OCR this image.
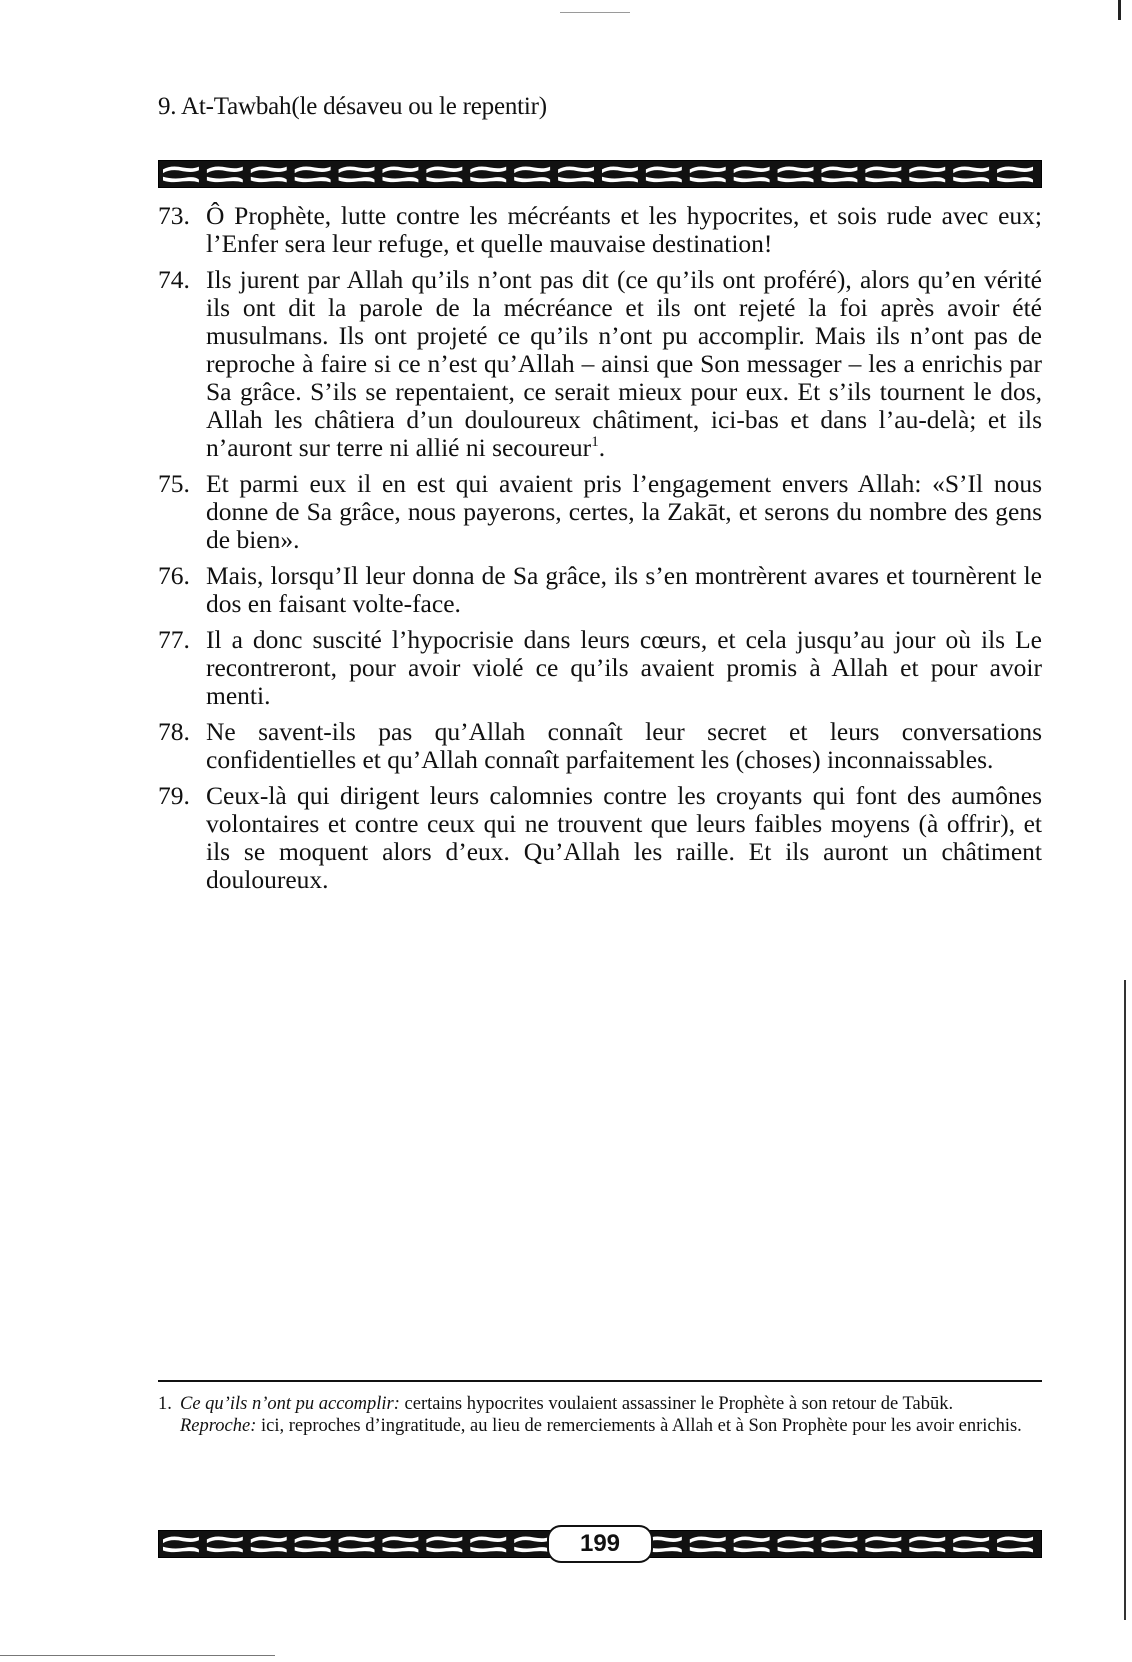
9. At-Tawbah(le désaveu ou le repentir)
73. Ô Prophète, lutte contre les mécréants et les hypocrites, et sois rude avec eux; l’Enfer sera leur refuge, et quelle mauvaise destination!
74. Ils jurent par Allah qu’ils n’ont pas dit (ce qu’ils ont proféré), alors qu’en vérité ils ont dit la parole de la mécréance et ils ont rejeté la foi après avoir été musulmans. Ils ont projeté ce qu’ils n’ont pu accomplir. Mais ils n’ont pas de reproche à faire si ce n’est qu’Allah – ainsi que Son messager – les a enrichis par Sa grâce. S’ils se repentaient, ce serait mieux pour eux. Et s’ils tournent le dos, Allah les châtiera d’un douloureux châtiment, ici-bas et dans l’au-delà; et ils n’auront sur terre ni allié ni secoureur$^1$.
75. Et parmi eux il en est qui avaient pris l’engagement envers Allah: «S’Il nous donne de Sa grâce, nous payerons, certes, la Zakāt, et serons du nombre des gens de bien».
76. Mais, lorsqu’Il leur donna de Sa grâce, ils s’en montrèrent avares et tournèrent le dos en faisant volte-face.
77. Il a donc suscité l’hypocrisie dans leurs cœurs, et cela jusqu’au jour où ils Le recontreront, pour avoir violé ce qu’ils avaient promis à Allah et pour avoir menti.
78. Ne savent-ils pas qu’Allah connaît leur secret et leurs conversations confidentielles et qu’Allah connaît parfaitement les (choses) inconnaissables.
79. Ceux-là qui dirigent leurs calomnies contre les croyants qui font des aumônes volontaires et contre ceux qui ne trouvent que leurs faibles moyens (à offrir), et ils se moquent alors d’eux. Qu’Allah les raille. Et ils auront un châtiment douloureux.
1. Ce qu’ils n’ont pu accomplir: certains hypocrites voulaient assassiner le Prophète à son retour de Tabūk.
Reproche: ici, reproches d’ingratitude, au lieu de remerciements à Allah et à Son Prophète pour les avoir enrichis.
199
